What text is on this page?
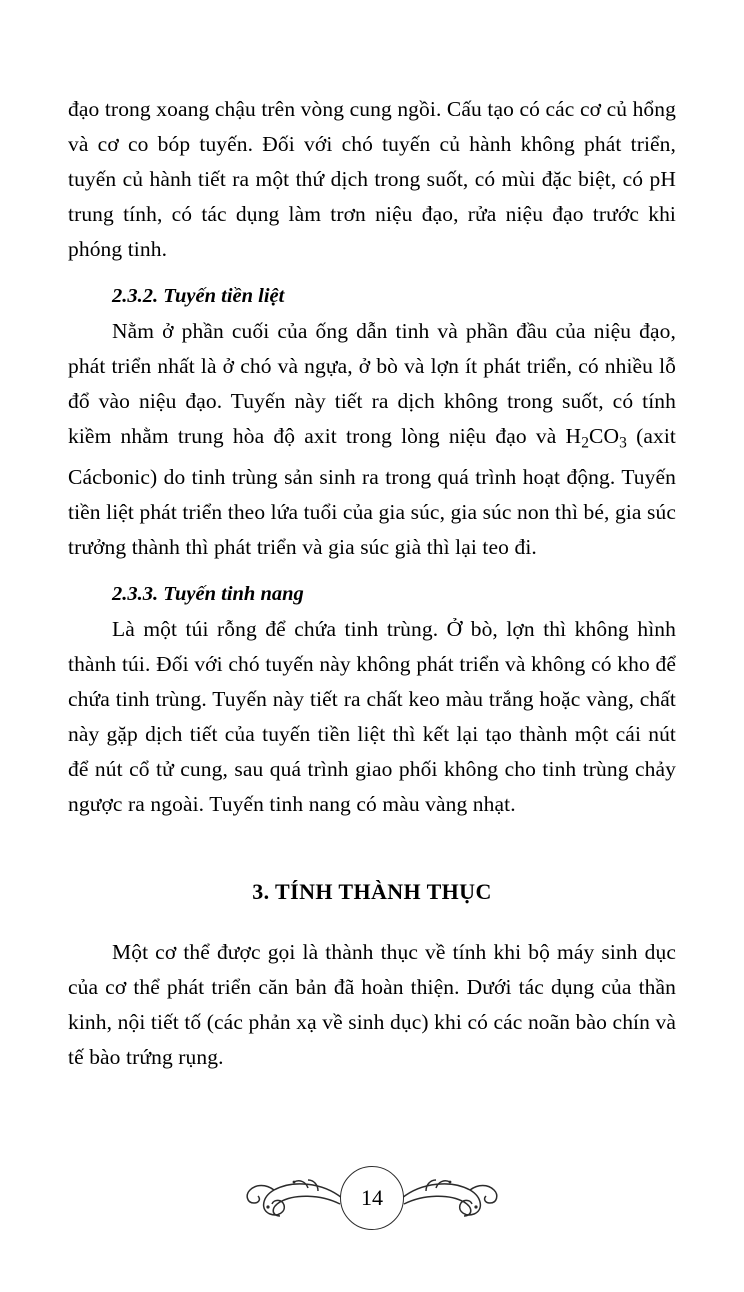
đạo trong xoang chậu trên vòng cung ngồi. Cấu tạo có các cơ củ hổng và cơ co bóp tuyến. Đối với chó tuyến củ hành không phát triển, tuyến củ hành tiết ra một thứ dịch trong suốt, có mùi đặc biệt, có pH trung tính, có tác dụng làm trơn niệu đạo, rửa niệu đạo trước khi phóng tinh.

2.3.2. Tuyến tiền liệt

Nằm ở phần cuối của ống dẫn tinh và phần đầu của niệu đạo, phát triển nhất là ở chó và ngựa, ở bò và lợn ít phát triển, có nhiều lỗ đổ vào niệu đạo. Tuyến này tiết ra dịch không trong suốt, có tính kiềm nhằm trung hòa độ axit trong lòng niệu đạo và $H_2CO_3$ (axit Cácbonic) do tinh trùng sản sinh ra trong quá trình hoạt động. Tuyến tiền liệt phát triển theo lứa tuổi của gia súc, gia súc non thì bé, gia súc trưởng thành thì phát triển và gia súc già thì lại teo đi.

2.3.3. Tuyến tinh nang

Là một túi rỗng để chứa tinh trùng. Ở bò, lợn thì không hình thành túi. Đối với chó tuyến này không phát triển và không có kho để chứa tinh trùng. Tuyến này tiết ra chất keo màu trắng hoặc vàng, chất này gặp dịch tiết của tuyến tiền liệt thì kết lại tạo thành một cái nút để nút cổ tử cung, sau quá trình giao phối không cho tinh trùng chảy ngược ra ngoài. Tuyến tinh nang có màu vàng nhạt.

3. TÍNH THÀNH THỤC

Một cơ thể được gọi là thành thục về tính khi bộ máy sinh dục của cơ thể phát triển căn bản đã hoàn thiện. Dưới tác dụng của thần kinh, nội tiết tố (các phản xạ về sinh dục) khi có các noãn bào chín và tế bào trứng rụng.

14
